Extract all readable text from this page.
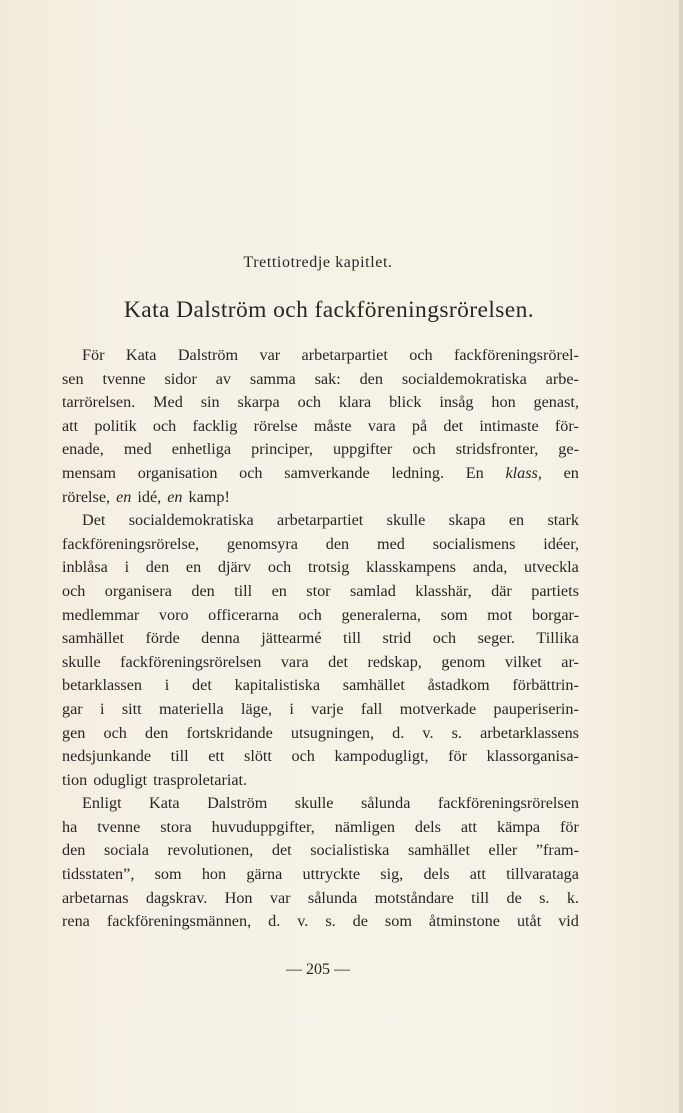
Trettiotredje kapitlet.
Kata Dalström och fackföreningsrörelsen.
För Kata Dalström var arbetarpartiet och fackföreningsrörel-
sen tvenne sidor av samma sak: den socialdemokratiska arbe-
tarrörelsen. Med sin skarpa och klara blick insåg hon genast,
att politik och facklig rörelse måste vara på det intimaste för-
enade, med enhetliga principer, uppgifter och stridsfronter, ge-
mensam organisation och samverkande ledning. En klass, en
rörelse, en idé, en kamp!
Det socialdemokratiska arbetarpartiet skulle skapa en stark
fackföreningsrörelse, genomsyra den med socialismens idéer,
inblåsa i den en djärv och trotsig klasskampens anda, utveckla
och organisera den till en stor samlad klasshär, där partiets
medlemmar voro officerarna och generalerna, som mot borgar-
samhället förde denna jättearmé till strid och seger. Tillika
skulle fackföreningsrörelsen vara det redskap, genom vilket ar-
betarklassen i det kapitalistiska samhället åstadkom förbättrin-
gar i sitt materiella läge, i varje fall motverkade pauperiserin-
gen och den fortskridande utsugningen, d. v. s. arbetarklassens
nedsjunkande till ett slött och kampodugligt, för klassorganisa-
tion odugligt trasproletariat.
Enligt Kata Dalström skulle sålunda fackföreningsrörelsen
ha tvenne stora huvuduppgifter, nämligen dels att kämpa för
den sociala revolutionen, det socialistiska samhället eller ”fram-
tidsstaten”, som hon gärna uttryckte sig, dels att tillvaratagа
arbetarnas dagskrav. Hon var sålunda motståndare till de s. k.
rena fackföreningsmännen, d. v. s. de som åtminstone utåt vid
— 205 —
